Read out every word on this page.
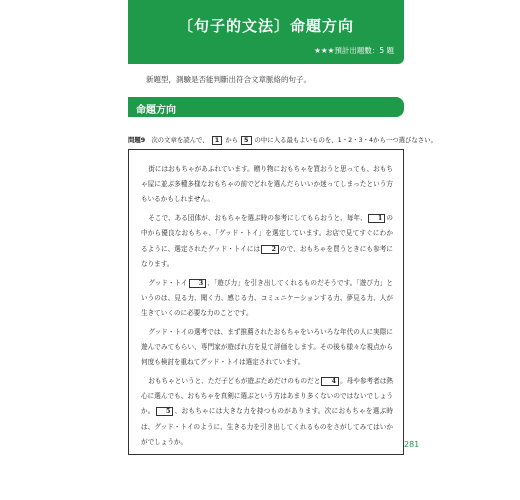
〔句子的文法〕命題方向
★★★預計出題數：5 題
新題型，測驗是否能判斷出符合文章脈絡的句子。
命題方向
問題9 次の文章を読んで、 1 から 5 の中に入る最もよいものを、1・2・3・4から一つ選びなさい。

街にはおもちゃがあふれています。贈り物におもちゃを買おうと思っても、おもちゃ屋に並ぶ多種多様なおもちゃの前でどれを選んだらいいか迷ってしまったという方もいるかもしれません。

そこで、ある団体が、おもちゃを選ぶ時の参考にしてもらおうと、毎年、 1 の中から優良なおもちゃ、「グッド・トイ」を選定しています。お店で見てすぐにわかるように、選定されたグッド・トイには 2 ので、おもちゃを買うときにも参考になります。

グッド・トイ 3 、「遊び力」を引き出してくれるものだそうです。「遊び力」というのは、見る力、聞く力、感じる力、コミュニケーションする力、夢見る力、人が生きていくのに必要な力のことです。

グッド・トイの選考では、まず推薦されたおもちゃをいろいろな年代の人に実際に遊んでみてもらい、専門家が遊ばれ方を見て評価をします。その後も様々な視点から何度も検討を重ねてグッド・トイは選定されています。

おもちゃというと、ただ子どもが遊ぶためだけのものだと 4 。母や参考者は熱心に選んでも、おもちゃを真剣に選ぶという方はあまり多くないのではないでしょうか。 5 、おもちゃには大きな力を持つものがあります。次におもちゃを選ぶ時は、グッド・トイのように、生きる力を引き出してくれるものをさがしてみてはいかがでしょうか。	281
